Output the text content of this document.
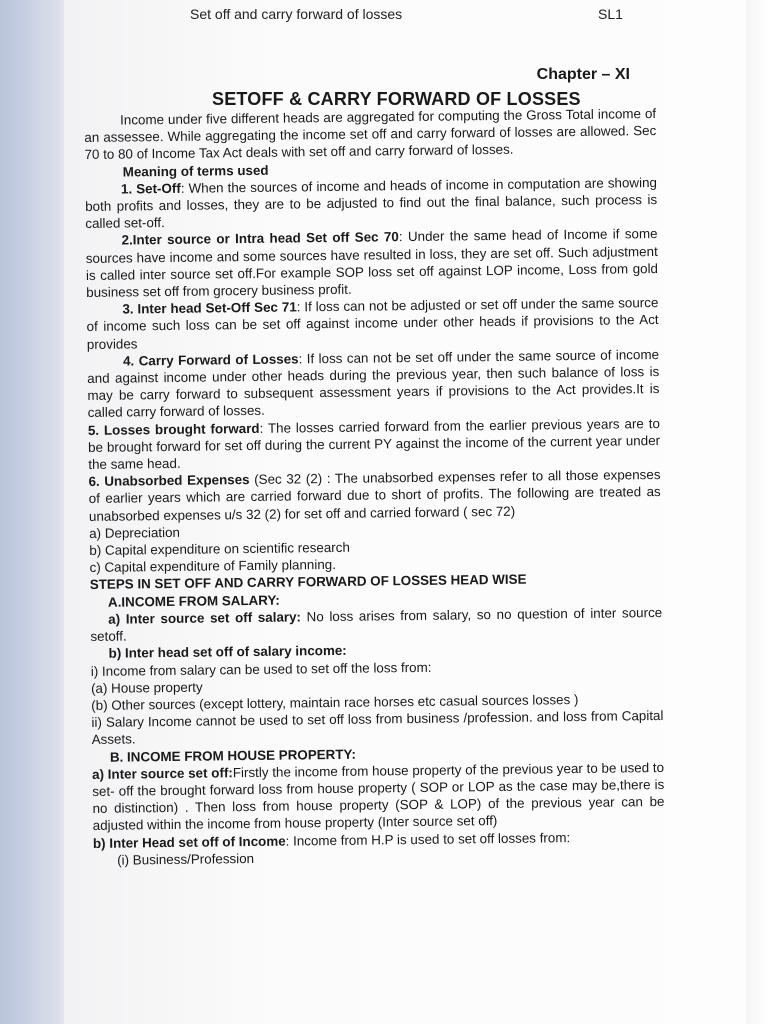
Set off and carry forward of losses	SL1
Chapter – XI
SETOFF & CARRY FORWARD OF LOSSES

Income under five different heads are aggregated for computing the Gross Total income of an assessee. While aggregating the income set off and carry forward of losses are allowed. Sec 70 to 80 of Income Tax Act deals with set off and carry forward of losses.

Meaning of terms used

1. Set-Off: When the sources of income and heads of income in computation are showing both profits and losses, they are to be adjusted to find out the final balance, such process is called set-off.

2.Inter source or Intra head Set off Sec 70: Under the same head of Income if some sources have income and some sources have resulted in loss, they are set off. Such adjustment is called inter source set off.For example SOP loss set off against LOP income, Loss from gold business set off from grocery business profit.

3. Inter head Set-Off Sec 71: If loss can not be adjusted or set off under the same source of income such loss can be set off against income under other heads if provisions to the Act provides

4. Carry Forward of Losses: If loss can not be set off under the same source of income and against income under other heads during the previous year, then such balance of loss is may be carry forward to subsequent assessment years if provisions to the Act provides.It is called carry forward of losses.

5. Losses brought forward: The losses carried forward from the earlier previous years are to be brought forward for set off during the current PY against the income of the current year under the same head.

6. Unabsorbed Expenses (Sec 32 (2) : The unabsorbed expenses refer to all those expenses of earlier years which are carried forward due to short of profits. The following are treated as unabsorbed expenses u/s 32 (2) for set off and carried forward ( sec 72)

a) Depreciation

b) Capital expenditure on scientific research

c) Capital expenditure of Family planning.

STEPS IN SET OFF AND CARRY FORWARD OF LOSSES HEAD WISE

A.INCOME FROM SALARY:

a) Inter source set off salary: No loss arises from salary, so no question of inter source setoff.

b) Inter head set off of salary income:

i) Income from salary can be used to set off the loss from:

(a) House property

(b) Other sources (except lottery, maintain race horses etc casual sources losses )

ii) Salary Income cannot be used to set off loss from business /profession. and loss from Capital Assets.

B. INCOME FROM HOUSE PROPERTY:

a) Inter source set off:Firstly the income from house property of the previous year to be used to set- off the brought forward loss from house property ( SOP or LOP as the case may be,there is no distinction) . Then loss from house property (SOP & LOP) of the previous year can be adjusted within the income from house property (Inter source set off)

b) Inter Head set off of Income: Income from H.P is used to set off losses from:

(i) Business/Profession
